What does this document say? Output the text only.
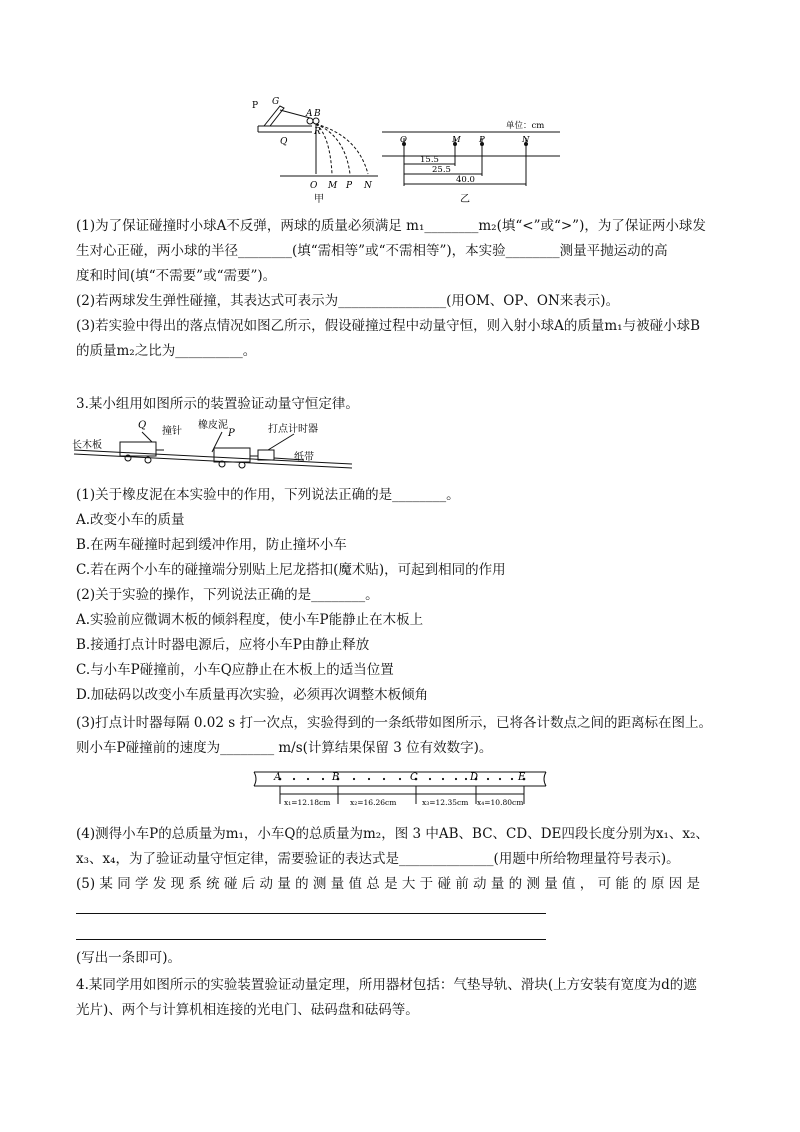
P G
A B
Q
R
O M P N
甲
单位：cm
O	M P	N
15.5
25.5
40.0
乙
(1)为了保证碰撞时小球A不反弹，两球的质量必须满足 m₁________m₂(填“<”或“>”)，为了保证两小球发
生对心正碰，两小球的半径________(填“需相等”或“不需相等”)，本实验________测量平抛运动的高
度和时间(填“不需要”或“需要”)。
(2)若两球发生弹性碰撞，其表达式可表示为________________(用OM、OP、ON来表示)。
(3)若实验中得出的落点情况如图乙所示，假设碰撞过程中动量守恒，则入射小球A的质量m₁与被碰小球B
的质量m₂之比为__________。
3.某小组用如图所示的装置验证动量守恒定律。
Q
撞针
橡皮泥
P	打点计时器
长木板
纸带
(1)关于橡皮泥在本实验中的作用，下列说法正确的是________。
A.改变小车的质量
B.在两车碰撞时起到缓冲作用，防止撞坏小车
C.若在两个小车的碰撞端分别贴上尼龙搭扣(魔术贴)，可起到相同的作用
(2)关于实验的操作，下列说法正确的是________。
A.实验前应微调木板的倾斜程度，使小车P能静止在木板上
B.接通打点计时器电源后，应将小车P由静止释放
C.与小车P碰撞前，小车Q应静止在木板上的适当位置
D.加砝码以改变小车质量再次实验，必须再次调整木板倾角
(3)打点计时器每隔 0.02 s 打一次点，实验得到的一条纸带如图所示，已将各计数点之间的距离标在图上。
则小车P碰撞前的速度为________ m/s(计算结果保留 3 位有效数字)。
A	B	C	D	E
x₁=12.18cm	x₂=16.26cm	x₃=12.35cm x₄=10.80cm
(4)测得小车P的总质量为m₁，小车Q的总质量为m₂，图 3 中AB、BC、CD、DE四段长度分别为x₁、x₂、
x₃、x₄，为了验证动量守恒定律，需要验证的表达式是______________(用题中所给物理量符号表示)。
(5) 某 同 学 发 现 系 统 碰 后 动 量 的 测 量 值 总 是 大 于 碰 前 动 量 的 测 量 值 ， 可 能 的 原 因 是
(写出一条即可)。
4.某同学用如图所示的实验装置验证动量定理，所用器材包括：气垫导轨、滑块(上方安装有宽度为d的遮
光片)、两个与计算机相连接的光电门、砝码盘和砝码等。
